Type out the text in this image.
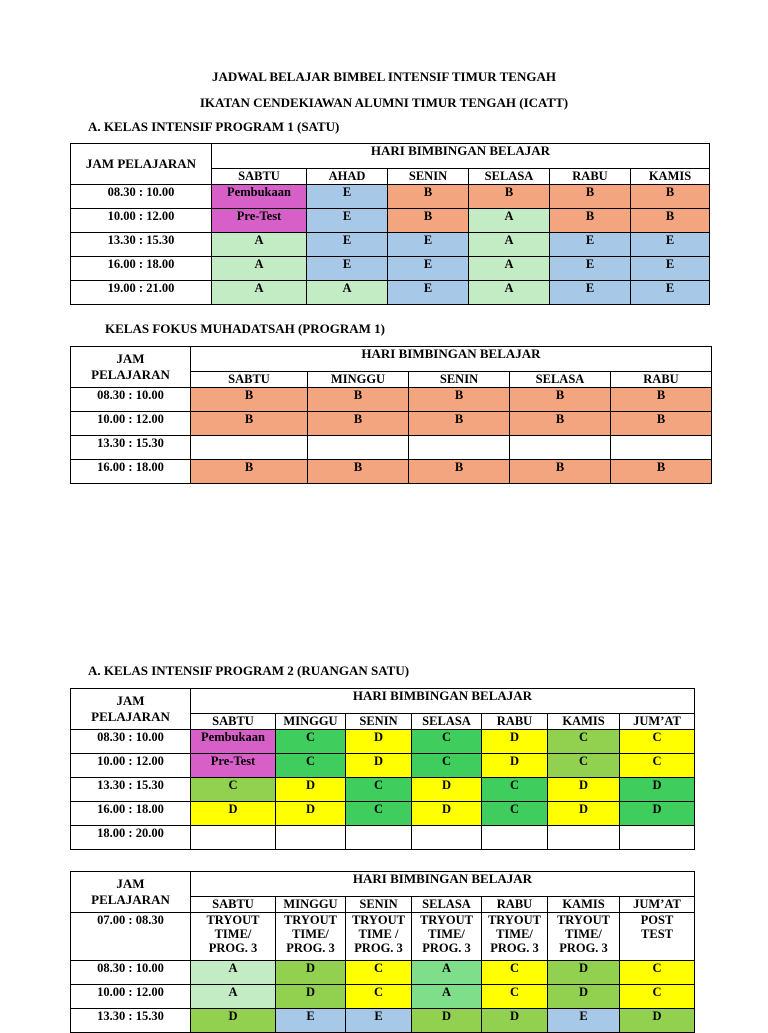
JADWAL BELAJAR BIMBEL INTENSIF TIMUR TENGAH
IKATAN CENDEKIAWAN ALUMNI TIMUR TENGAH (ICATT)
A. KELAS INTENSIF PROGRAM 1 (SATU)
JAM PELAJARAN	HARI BIMBINGAN BELAJAR					
	SABTU	AHAD	SENIN	SELASA	RABU	KAMIS
08.30 : 10.00	Pembukaan	E	B	B	B	B
10.00 : 12.00	Pre-Test	E	B	A	B	B
13.30 : 15.30	A	E	E	A	E	E
16.00 : 18.00	A	E	E	A	E	E
19.00 : 21.00	A	A	E	A	E	E
KELAS FOKUS MUHADATSAH (PROGRAM 1)
JAM
PELAJARAN	HARI BIMBINGAN BELAJAR				
	SABTU	MINGGU	SENIN	SELASA	RABU
08.30 : 10.00	B	B	B	B	B
10.00 : 12.00	B	B	B	B	B
13.30 : 15.30					
16.00 : 18.00	B	B	B	B	B
A. KELAS INTENSIF PROGRAM 2 (RUANGAN SATU)
JAM
PELAJARAN	HARI BIMBINGAN BELAJAR						
	SABTU	MINGGU	SENIN	SELASA	RABU	KAMIS	JUM’AT
08.30 : 10.00	Pembukaan	C	D	C	D	C	C
10.00 : 12.00	Pre-Test	C	D	C	D	C	C
13.30 : 15.30	C	D	C	D	C	D	D
16.00 : 18.00	D	D	C	D	C	D	D
18.00 : 20.00							
JAM
PELAJARAN	HARI BIMBINGAN BELAJAR						
	SABTU	MINGGU	SENIN	SELASA	RABU	KAMIS	JUM’AT
07.00 : 08.30	TRYOUT
TIME/
PROG. 3	TRYOUT
TIME/
PROG. 3	TRYOUT
TIME /
PROG. 3	TRYOUT
TIME/
PROG. 3	TRYOUT
TIME/
PROG. 3	TRYOUT
TIME/
PROG. 3	POST
TEST
08.30 : 10.00	A	D	C	A	C	D	C
10.00 : 12.00	A	D	C	A	C	D	C
13.30 : 15.30	D	E	E	D	D	E	D
